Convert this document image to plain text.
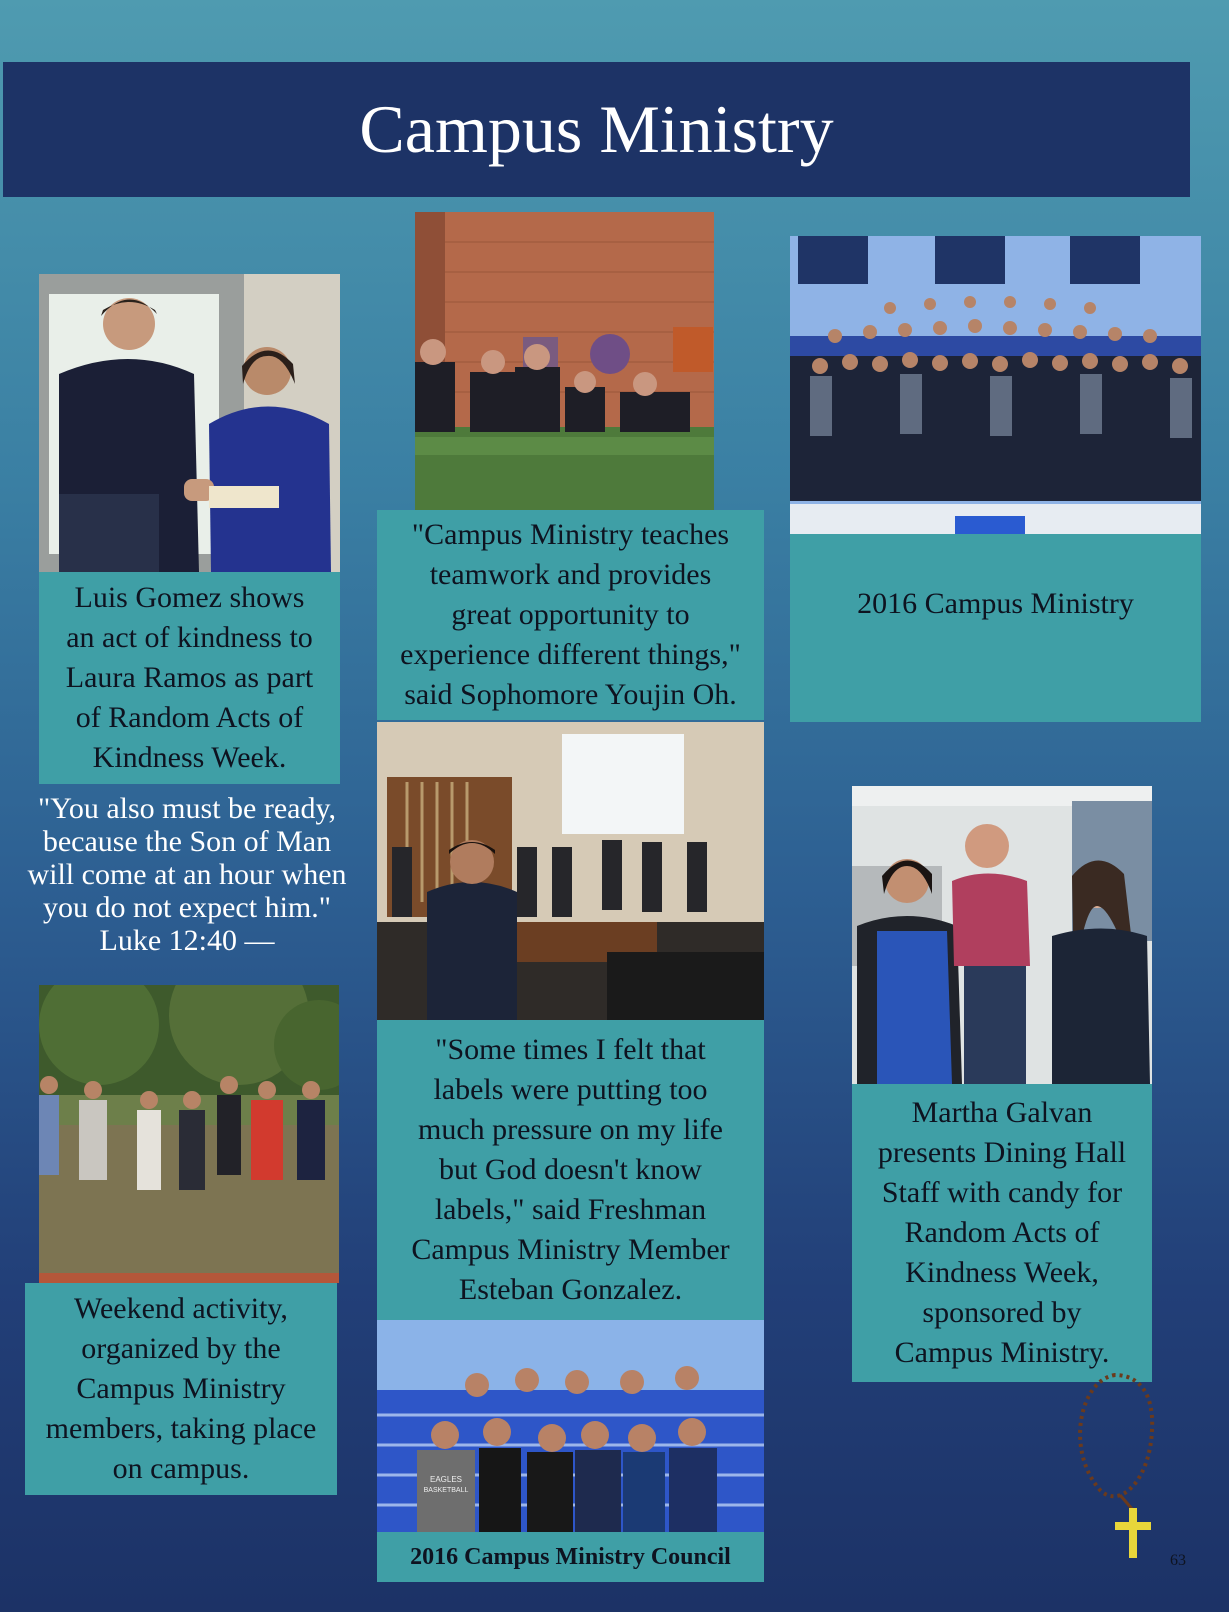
Campus Ministry
Luis Gomez shows
an act of kindness to
Laura Ramos as part
of Random Acts of
Kindness Week.
"You also must be ready,
because the Son of Man
will come at an hour when
you do not expect him."
Luke 12:40 —
"Campus Ministry teaches
teamwork and provides
great opportunity to
experience different things,"
said Sophomore Youjin Oh.
2016 Campus Ministry
"Some times I felt that
labels were putting too
much pressure on my life
but God doesn't know
labels," said Freshman
Campus Ministry Member
Esteban Gonzalez.
Martha Galvan
presents Dining Hall
Staff with candy for
Random Acts of
Kindness Week,
sponsored by
Campus Ministry.
Weekend activity,
organized by the
Campus Ministry
members, taking place
on campus.	EAGLES
BASKETBALL
2016 Campus Ministry Council	63
